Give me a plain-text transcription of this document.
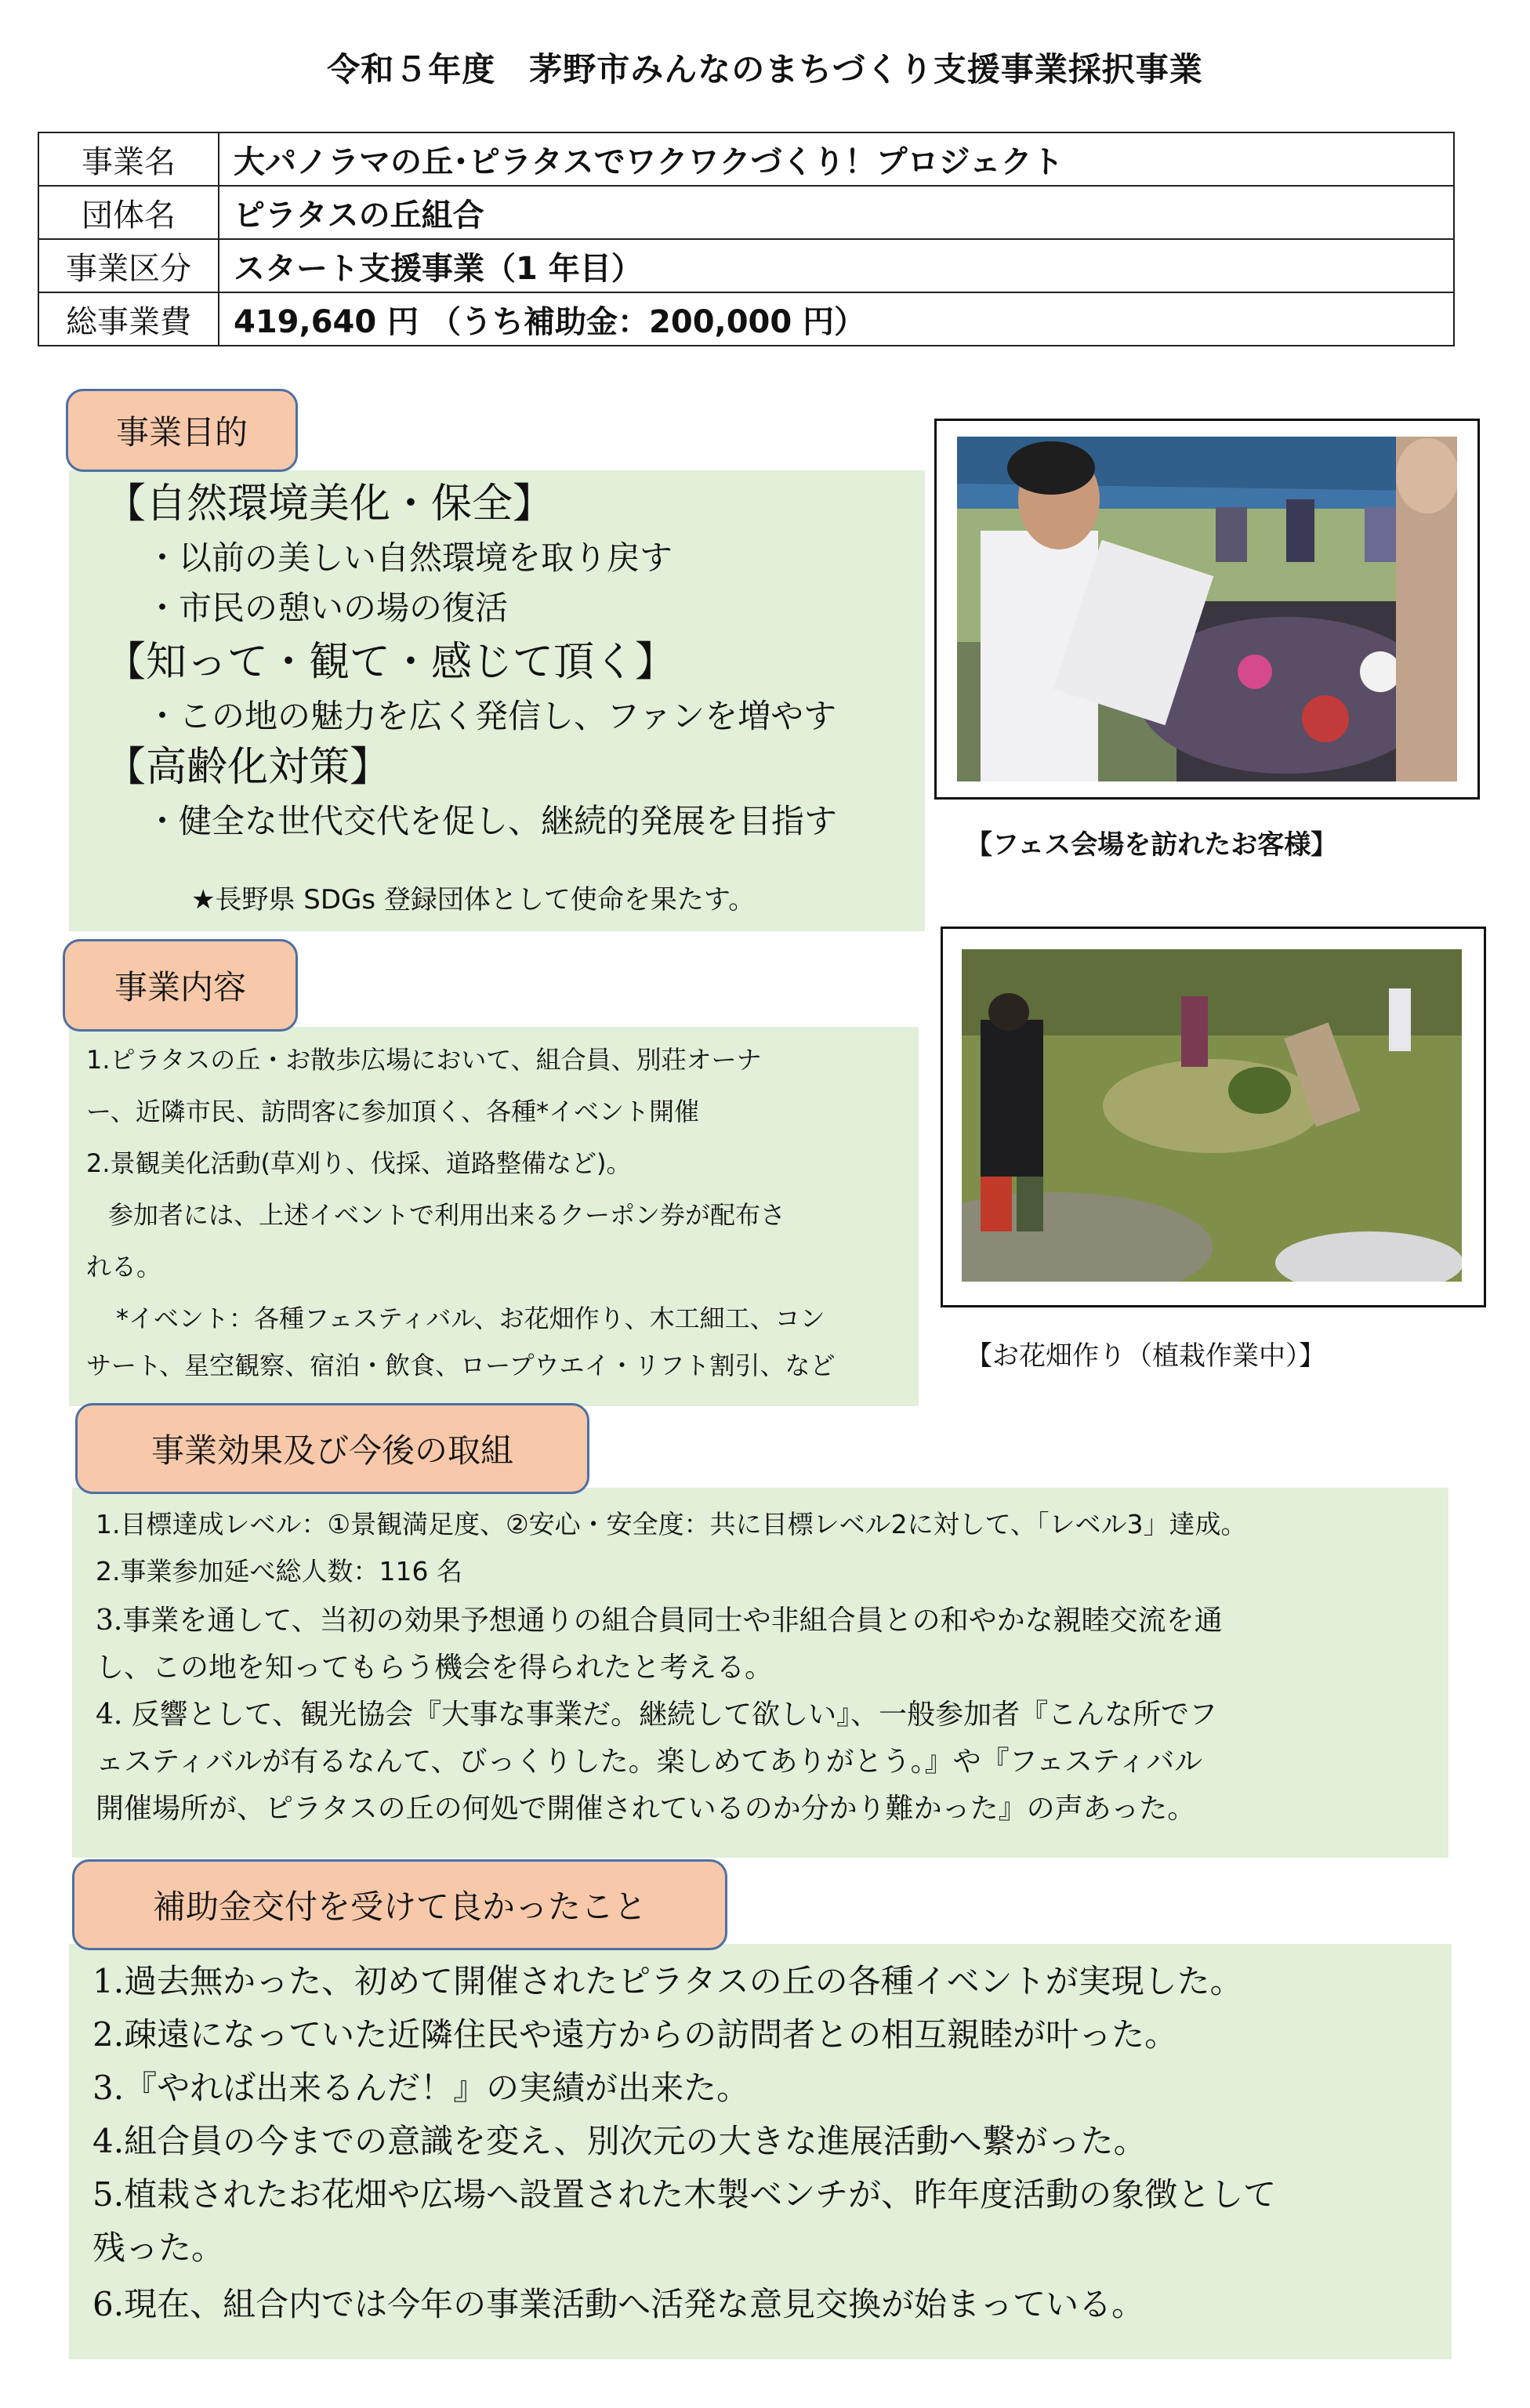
令和５年度　茅野市みんなのまちづくり支援事業採択事業
事業名	大パノラマの丘･ピラタスでワクワクづくり！プロジェクト
団体名	ピラタスの丘組合
事業区分	スタート支援事業（1 年目）
総事業費	419,640 円 （うち補助金：200,000 円）
【自然環境美化・保全】
・以前の美しい自然環境を取り戻す
・市民の憩いの場の復活
【知って・観て・感じて頂く】
・この地の魅力を広く発信し、ファンを増やす
【高齢化対策】
・健全な世代交代を促し、継続的発展を目指す
★長野県 SDGs 登録団体として使命を果たす。
事業目的
【フェス会場を訪れたお客様】
1.ピラタスの丘・お散歩広場において、組合員、別荘オーナ
ー、近隣市民、訪問客に参加頂く、各種*イベント開催
2.景観美化活動(草刈り、伐採、道路整備など)。
参加者には、上述イベントで利用出来るクーポン券が配布さ
れる。
*イベント：各種フェスティバル、お花畑作り、木工細工、コン
サート、星空観察、宿泊・飲食、ロープウエイ・リフト割引、など
事業内容
【お花畑作り（植栽作業中）】
1.目標達成レベル：①景観満足度、②安心・安全度：共に目標レベル2に対して、「レベル3」達成。
2.事業参加延べ総人数：116 名
3.事業を通して、当初の効果予想通りの組合員同士や非組合員との和やかな親睦交流を通
し、この地を知ってもらう機会を得られたと考える。
4. 反響として、観光協会『大事な事業だ。継続して欲しい』、一般参加者『こんな所でフ
ェスティバルが有るなんて、びっくりした。楽しめてありがとう。』や『フェスティバル
開催場所が、ピラタスの丘の何処で開催されているのか分かり難かった』の声あった。
事業効果及び今後の取組
1.過去無かった、初めて開催されたピラタスの丘の各種イベントが実現した。
2.疎遠になっていた近隣住民や遠方からの訪問者との相互親睦が叶った。
3.『やれば出来るんだ！』の実績が出来た。
4.組合員の今までの意識を変え、別次元の大きな進展活動へ繋がった。
5.植栽されたお花畑や広場へ設置された木製ベンチが、昨年度活動の象徴として
残った。
6.現在、組合内では今年の事業活動へ活発な意見交換が始まっている。
補助金交付を受けて良かったこと
